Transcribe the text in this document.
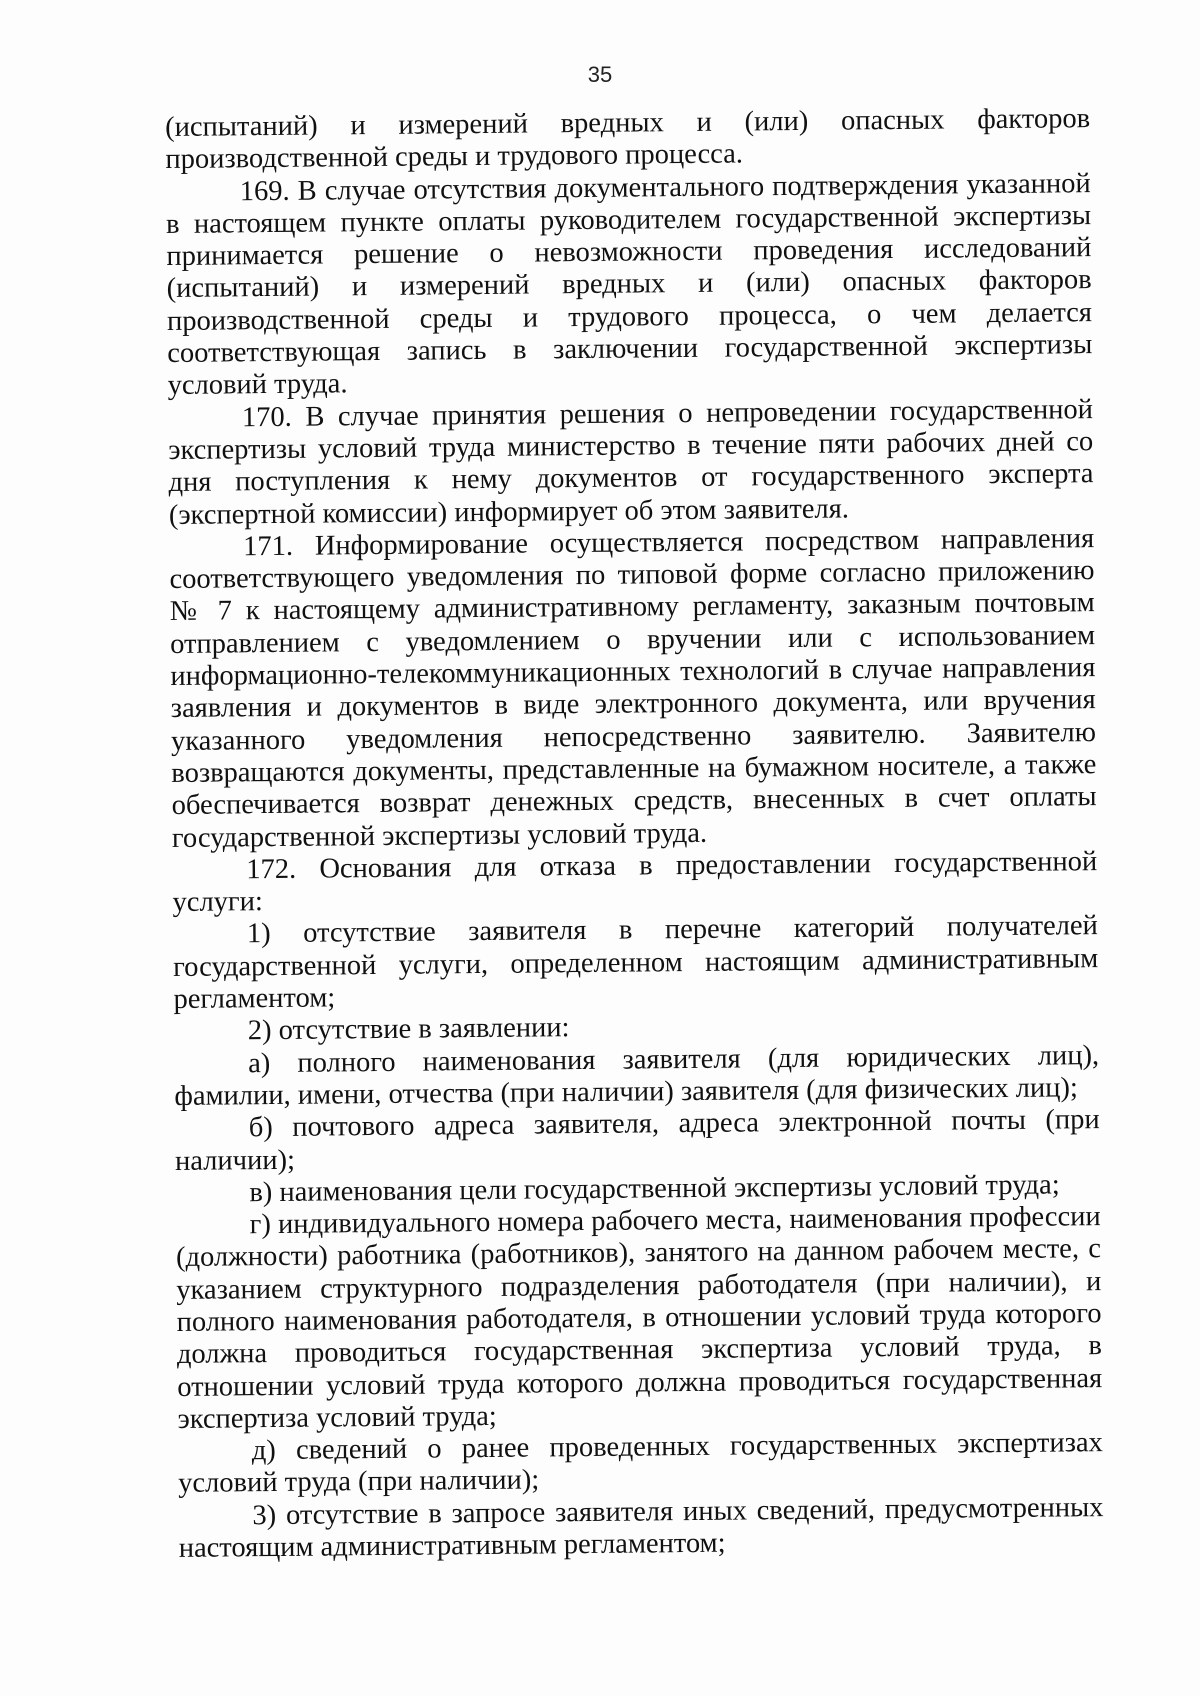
35

(испытаний) и измерений вредных и (или) опасных факторов производственной среды и трудового процесса.

169. В случае отсутствия документального подтверждения указанной в настоящем пункте оплаты руководителем государственной экспертизы принимается решение о невозможности проведения исследований (испытаний) и измерений вредных и (или) опасных факторов производственной среды и трудового процесса, о чем делается соответствующая запись в заключении государственной экспертизы условий труда.

170. В случае принятия решения о непроведении государственной экспертизы условий труда министерство в течение пяти рабочих дней со дня поступления к нему документов от государственного эксперта (экспертной комиссии) информирует об этом заявителя.

171. Информирование осуществляется посредством направления соответствующего уведомления по типовой форме согласно приложению № 7 к настоящему административному регламенту, заказным почтовым отправлением с уведомлением о вручении или с использованием информационно-телекоммуникационных технологий в случае направления заявления и документов в виде электронного документа, или вручения указанного уведомления непосредственно заявителю. Заявителю возвращаются документы, представленные на бумажном носителе, а также обеспечивается возврат денежных средств, внесенных в счет оплаты государственной экспертизы условий труда.

172. Основания для отказа в предоставлении государственной услуги:

1) отсутствие заявителя в перечне категорий получателей государственной услуги, определенном настоящим административным регламентом;

2) отсутствие в заявлении:

а) полного наименования заявителя (для юридических лиц), фамилии, имени, отчества (при наличии) заявителя (для физических лиц);

б) почтового адреса заявителя, адреса электронной почты (при наличии);

в) наименования цели государственной экспертизы условий труда;

г) индивидуального номера рабочего места, наименования профессии (должности) работника (работников), занятого на данном рабочем месте, с указанием структурного подразделения работодателя (при наличии), и полного наименования работодателя, в отношении условий труда которого должна проводиться государственная экспертиза условий труда, в отношении условий труда которого должна проводиться государственная экспертиза условий труда;

д) сведений о ранее проведенных государственных экспертизах условий труда (при наличии);

3) отсутствие в запросе заявителя иных сведений, предусмотренных настоящим административным регламентом;
